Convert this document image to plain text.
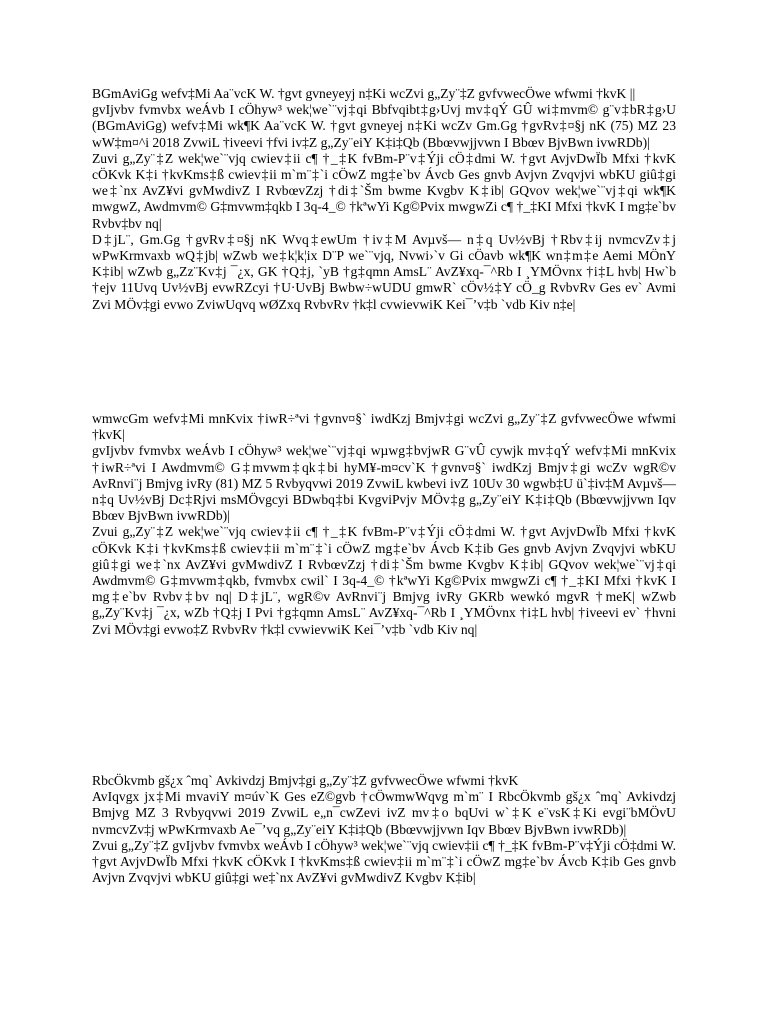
BGmAviGg wefv‡Mi Aa¨vcK W. †gvt gvneyeyj n‡Ki wcZvi g„Zy¨‡Z gvfvwecÖwe wfwmi †kvK ||

gvIjvbv fvmvbx weÁvb I cÖhyw³ wek¦we`¨vj‡qi Bbfvqibt‡g›Uvj mv‡qÝ GÛ wi‡mvm© g¨v‡bR‡g›U (BGmAviGg) wefv‡Mi wk¶K Aa¨vcK W. †gvt gvneyej n‡Ki wcZv Gm.Gg †gvRv‡¤§j nK (75) MZ 23 wW‡m¤^i 2018 ZvwiL †iveevi †fvi iv‡Z g„Zy¨eiY K‡i‡Qb (Bbœvwjjvwn I Bbœv BjvBwn ivwRDb)|

Zuvi g„Zy¨‡Z wek¦we`¨vjq cwiev‡ii c¶ †_‡K fvBm-P¨v‡Ýji cÖ‡dmi W. †gvt AvjvDwÏb Mfxi †kvK cÖKvk K‡i †kvKms‡ß cwiev‡ii m`m¨‡`i cÖwZ mg‡e`bv Ávcb Ges gnvb Avjvn Zvqvjvi wbKU giû‡gi we‡`nx AvZ¥vi gvMwdivZ I RvbœvZzj †di‡`Šm bwme Kvgbv K‡ib| GQvov wek¦we`¨vj‡qi wk¶K mwgwZ, Awdmvm© G‡mvwm‡qkb I 3q-4_© †kªwYi Kg©Pvix mwgwZi c¶ †_‡KI Mfxi †kvK I mg‡e`bv Rvbv‡bv nq|

D‡jL¨, Gm.Gg †gvRv‡¤§j nK Wvq‡ewUm †iv‡M Avµvš— n‡q Uv½vBj †Rbv‡ij nvmcvZv‡j wPwKrmvaxb wQ‡jb| wZwb we‡k¦k¦ix D¨P we`¨vjq, Nvwi›`v Gi cÖavb wk¶K wn‡m‡e Aemi MÖnY K‡ib| wZwb g„Zz¨Kv‡j ¯¿x, GK †Q‡j, `yB †g‡qmn AmsL¨ AvZ¥xq-¯^Rb I ¸YMÖvnx †i‡L hvb| Hw`b †ejv 11Uvq Uv½vBj evwRZcyi †U·UvBj Bwbw÷wUDU gmwR` cÖv½‡Y cÖ_g RvbvRv Ges ev` Avmi Zvi MÖv‡gi evwo ZviwUqvq wØZxq RvbvRv †k‡l cvwievwiK Kei¯’v‡b `vdb Kiv n‡e|

wmwcGm wefv‡Mi mnKvix †iwR÷ªvi †gvnv¤§` iwdKzj Bmjv‡gi wcZvi g„Zy¨‡Z gvfvwecÖwe wfwmi †kvK|

gvIjvbv fvmvbx weÁvb I cÖhyw³ wek¦we`¨vj‡qi wµwg‡bvjwR G¨vÛ cywjk mv‡qÝ wefv‡Mi mnKvix †iwR÷ªvi I Awdmvm© G‡mvwm‡qk‡bi hyM¥-m¤cv`K †gvnv¤§` iwdKzj Bmjv‡gi wcZv wgR©v AvRnvi¨j Bmjvg ivRy (81) MZ 5 Rvbyqvwi 2019 ZvwiL kwbevi ivZ 10Uv 30 wgwb‡U ü`‡iv‡M Avµvš— n‡q Uv½vBj Dc‡Rjvi msMÖvgcyi BDwbq‡bi KvgviPvjv MÖv‡g g„Zy¨eiY K‡i‡Qb (Bbœvwjjvwn Iqv Bbœv BjvBwn ivwRDb)|

Zvui g„Zy¨‡Z wek¦we`¨vjq cwiev‡ii c¶ †_‡K fvBm-P¨v‡Ýji cÖ‡dmi W. †gvt AvjvDwÏb Mfxi †kvK cÖKvk K‡i †kvKms‡ß cwiev‡ii m`m¨‡`i cÖwZ mg‡e`bv Ávcb K‡ib Ges gnvb Avjvn Zvqvjvi wbKU giû‡gi we‡`nx AvZ¥vi gvMwdivZ I RvbœvZzj †di‡`Šm bwme Kvgbv K‡ib| GQvov wek¦we`¨vj‡qi Awdmvm© G‡mvwm‡qkb, fvmvbx cwil` I 3q-4_© †kªwYi Kg©Pvix mwgwZi c¶ †_‡KI Mfxi †kvK I mg‡e`bv Rvbv‡bv nq| D‡jL¨, wgR©v AvRnvi¨j Bmjvg ivRy GKRb wewkó mgvR †meK| wZwb g„Zy¨Kv‡j ¯¿x, wZb †Q‡j I Pvi †g‡qmn AmsL¨ AvZ¥xq-¯^Rb I ¸YMÖvnx †i‡L hvb| †iveevi ev` †hvni Zvi MÖv‡gi evwo‡Z RvbvRv †k‡l cvwievwiK Kei¯’v‡b `vdb Kiv nq|

RbcÖkvmb gš¿x ˆmq` Avkivdzj Bmjv‡gi g„Zy¨‡Z gvfvwecÖwe wfwmi †kvK

AvIqvgx jx‡Mi mvaviY m¤úv`K Ges eZ©gvb †cÖwmwWqvg m`m¨ I RbcÖkvmb gš¿x ˆmq` Avkivdzj Bmjvg MZ 3 Rvbyqvwi 2019 ZvwiL e„n¯cwZevi ivZ mv‡o bqUvi w`‡K e¨vsK‡Ki evgi¨bMÖvU nvmcvZv‡j wPwKrmvaxb Ae¯’vq g„Zy¨eiY K‡i‡Qb (Bbœvwjjvwn Iqv Bbœv BjvBwn ivwRDb)|

Zvui g„Zy¨‡Z gvIjvbv fvmvbx weÁvb I cÖhyw³ wek¦we`¨vjq cwiev‡ii c¶ †_‡K fvBm-P¨v‡Ýji cÖ‡dmi W. †gvt AvjvDwÏb Mfxi †kvK cÖKvk I †kvKms‡ß cwiev‡ii m`m¨‡`i cÖwZ mg‡e`bv Ávcb K‡ib Ges gnvb Avjvn Zvqvjvi wbKU giû‡gi we‡`nx AvZ¥vi gvMwdivZ Kvgbv K‡ib|
